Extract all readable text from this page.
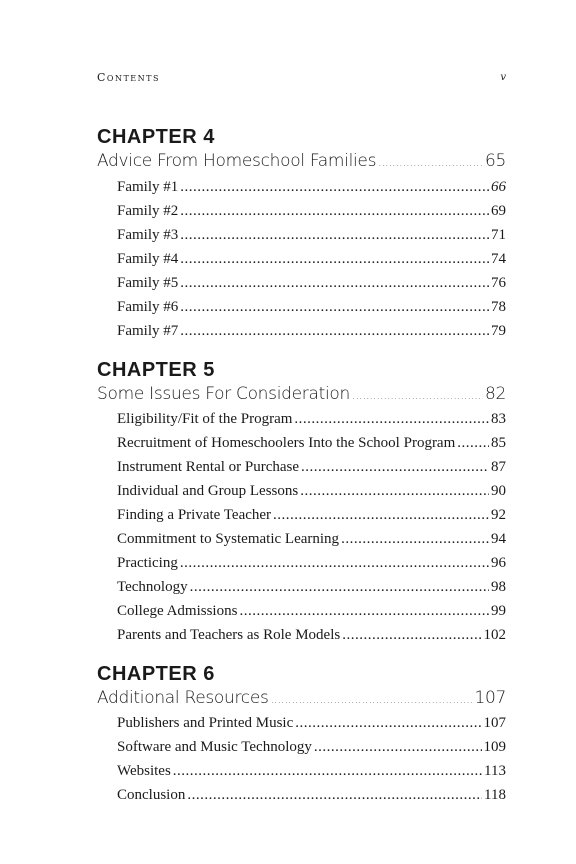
Contents	v
CHAPTER 4
Advice From Homeschool Families .....	65
Family #1 .....	66
Family #2 .....	69
Family #3 .....	71
Family #4 .....	74
Family #5 .....	76
Family #6 .....	78
Family #7 .....	79
CHAPTER 5
Some Issues For Consideration .....	82
Eligibility/Fit of the Program .....	83
Recruitment of Homeschoolers Into the School Program ..... 85
Instrument Rental or Purchase .....	87
Individual and Group Lessons .....	90
Finding a Private Teacher .....	92
Commitment to Systematic Learning .....	94
Practicing .....	96
Technology .....	98
College Admissions .....	99
Parents and Teachers as Role Models .....	102
CHAPTER 6
Additional Resources .....	107
Publishers and Printed Music .....	107
Software and Music Technology .....	109
Websites .....	113
Conclusion .....	118
